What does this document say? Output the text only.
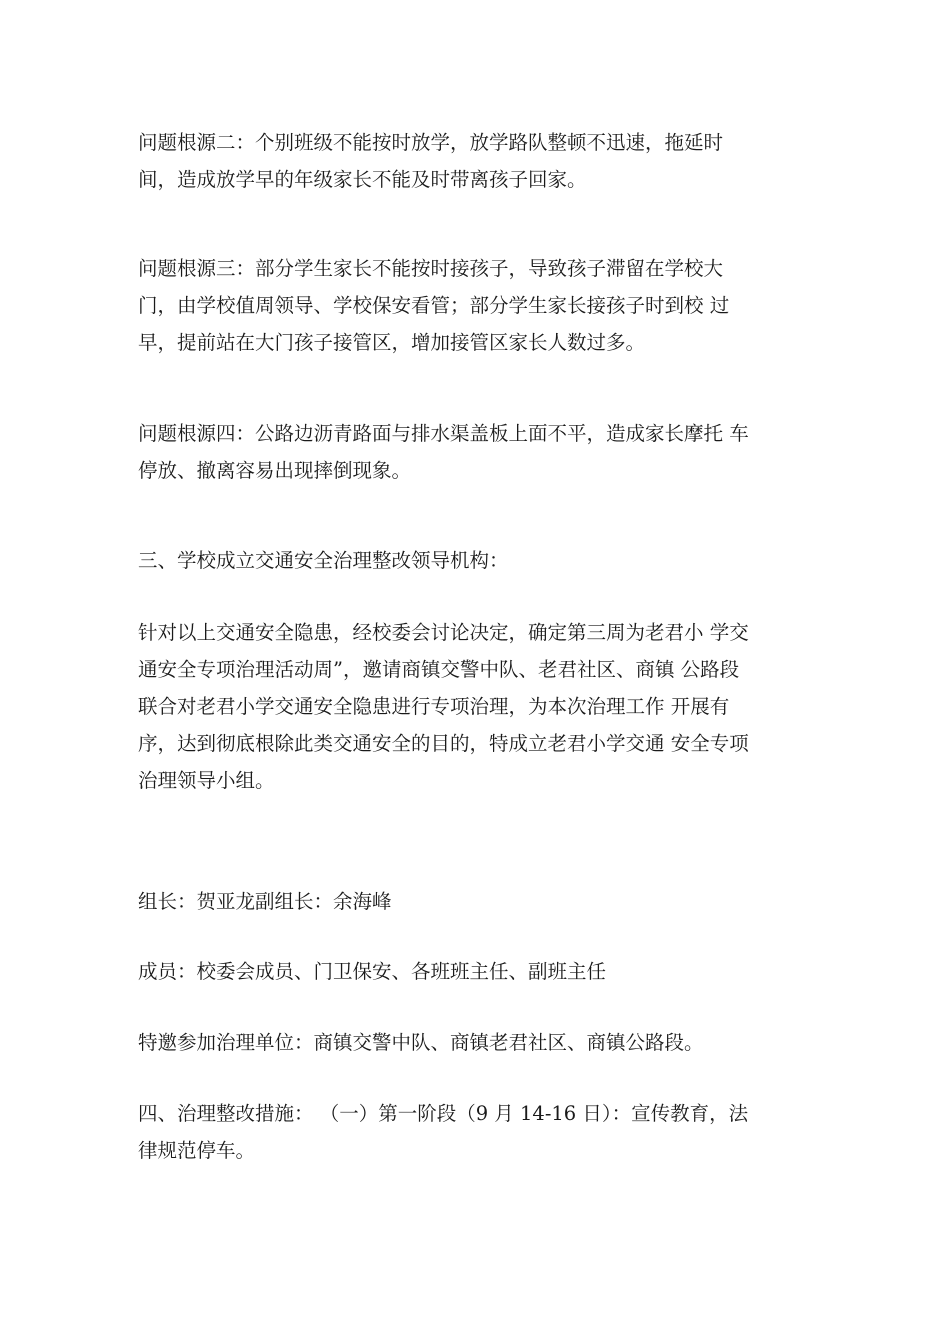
问题根源二：个别班级不能按时放学，放学路队整顿不迅速，拖延时
间，造成放学早的年级家长不能及时带离孩子回家。

问题根源三：部分学生家长不能按时接孩子，导致孩子滞留在学校大
门，由学校值周领导、学校保安看管；部分学生家长接孩子时到校 过
早，提前站在大门孩子接管区，增加接管区家长人数过多。

问题根源四：公路边沥青路面与排水渠盖板上面不平，造成家长摩托 车
停放、撤离容易出现摔倒现象。

三、学校成立交通安全治理整改领导机构：

针对以上交通安全隐患，经校委会讨论决定，确定第三周为老君小 学交
通安全专项治理活动周”，邀请商镇交警中队、老君社区、商镇 公路段
联合对老君小学交通安全隐患进行专项治理，为本次治理工作 开展有
序，达到彻底根除此类交通安全的目的，特成立老君小学交通 安全专项
治理领导小组。

组长：贺亚龙副组长：余海峰

成员：校委会成员、门卫保安、各班班主任、副班主任

特邀参加治理单位：商镇交警中队、商镇老君社区、商镇公路段。

四、治理整改措施： （一）第一阶段（9 月 14-16 日）：宣传教育，法
律规范停车。
